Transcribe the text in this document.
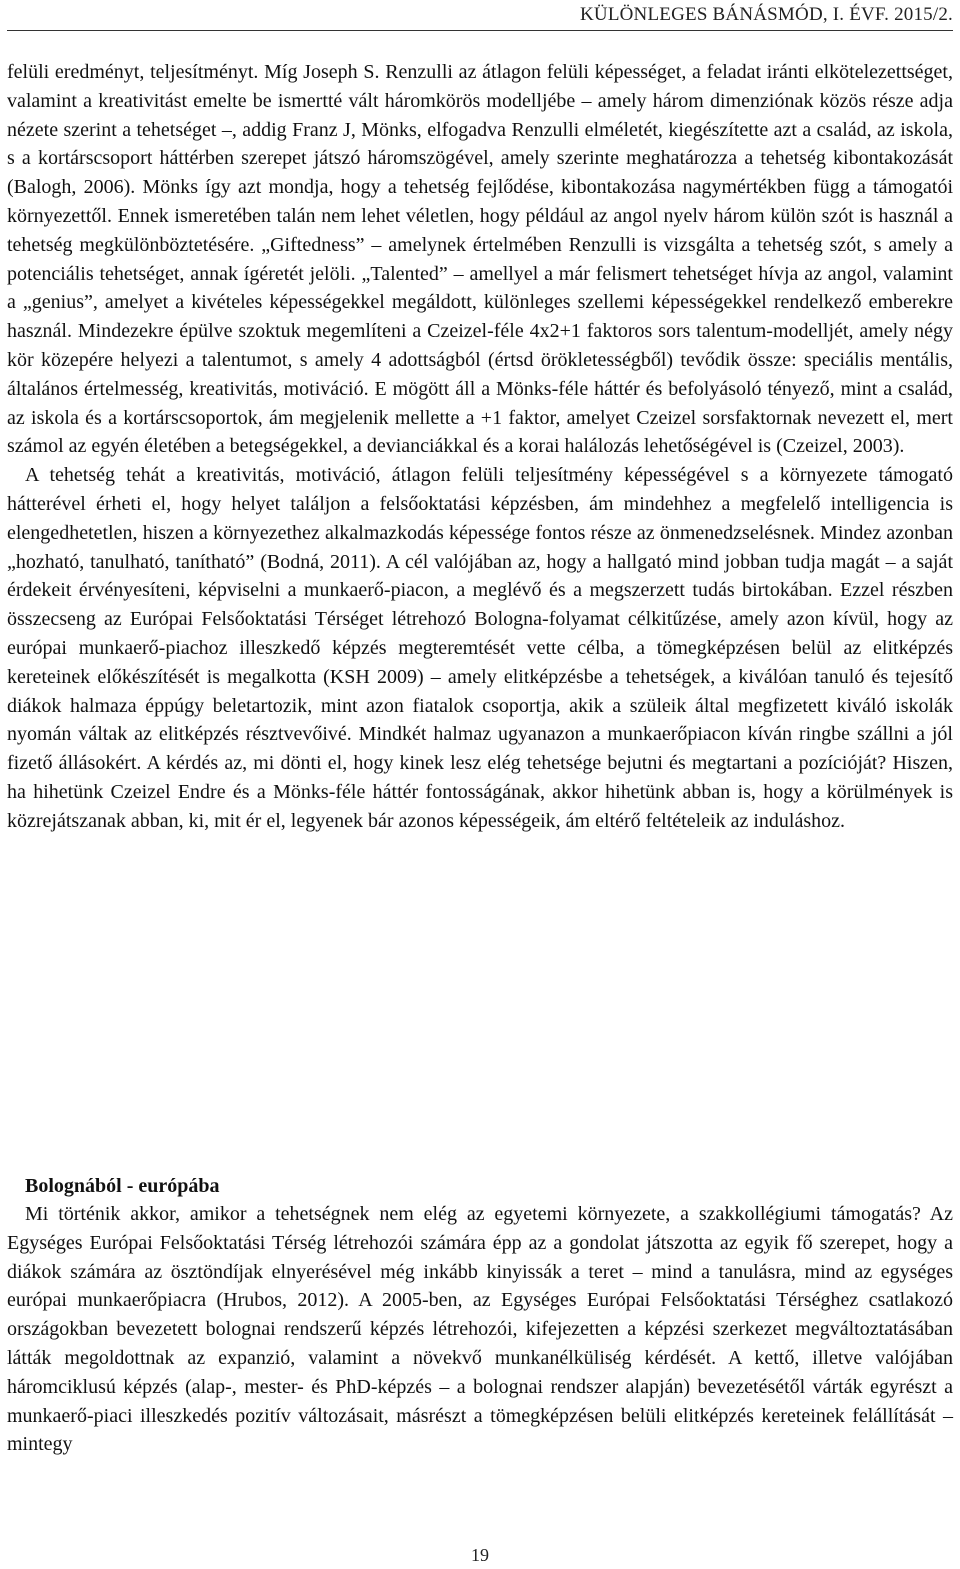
KÜLÖNLEGES BÁNÁSMÓD, I. ÉVF. 2015/2.

felüli eredményt, teljesítményt. Míg Joseph S. Renzulli az átlagon felüli képességet, a feladat iránti elkötelezettséget, valamint a kreativitást emelte be ismertté vált háromkörös modelljébe – amely három dimenziónak közös része adja nézete szerint a tehetséget –, addig Franz J, Mönks, elfogadva Renzulli elméletét, kiegészítette azt a család, az iskola, s a kortárscsoport háttérben szerepet játszó háromszögével, amely szerinte meghatározza a tehetség kibontakozását (Balogh, 2006). Mönks így azt mondja, hogy a tehetség fejlődése, kibontakozása nagymértékben függ a támogatói környezettől. Ennek ismeretében talán nem lehet véletlen, hogy például az angol nyelv három külön szót is használ a tehetség megkülönböztetésére. „Giftedness” – amelynek értelmében Renzulli is vizsgálta a tehetség szót, s amely a potenciális tehetséget, annak ígéretét jelöli. „Talented” – amellyel a már felismert tehetséget hívja az angol, valamint a „genius”, amelyet a kivételes képességekkel megáldott, különleges szellemi képességekkel rendelkező emberekre használ. Mindezekre épülve szoktuk megemlíteni a Czeizel-féle 4x2+1 faktoros sors talentum-modelljét, amely négy kör közepére helyezi a talentumot, s amely 4 adottságból (értsd örökletességből) tevődik össze: speciális mentális, általános értelmesség, kreativitás, motiváció. E mögött áll a Mönks-féle háttér és befolyásoló tényező, mint a család, az iskola és a kortárscsoportok, ám megjelenik mellette a +1 faktor, amelyet Czeizel sorsfaktornak nevezett el, mert számol az egyén életében a betegségekkel, a devianciákkal és a korai halálozás lehetőségével is (Czeizel, 2003).

A tehetség tehát a kreativitás, motiváció, átlagon felüli teljesítmény képességével s a környezete támogató hátterével érheti el, hogy helyet találjon a felsőoktatási képzésben, ám mindehhez a megfelelő intelligencia is elengedhetetlen, hiszen a környezethez alkalmazkodás képessége fontos része az önmenedzselésnek. Mindez azonban „hozható, tanulható, tanítható” (Bodná, 2011). A cél valójában az, hogy a hallgató mind jobban tudja magát – a saját érdekeit érvényesíteni, képviselni a munkaerő-piacon, a meglévő és a megszerzett tudás birtokában. Ezzel részben összecseng az Európai Felsőoktatási Térséget létrehozó Bologna-folyamat célkitűzése, amely azon kívül, hogy az európai munkaerő-piachoz illeszkedő képzés megteremtését vette célba, a tömegképzésen belül az elitképzés kereteinek előkészítését is megalkotta (KSH 2009) – amely elitképzésbe a tehetségek, a kiválóan tanuló és tejesítő diákok halmaza éppúgy beletartozik, mint azon fiatalok csoportja, akik a szüleik által megfizetett kiváló iskolák nyomán váltak az elitképzés résztvevőivé. Mindkét halmaz ugyanazon a munkaerőpiacon kíván ringbe szállni a jól fizető állásokért. A kérdés az, mi dönti el, hogy kinek lesz elég tehetsége bejutni és megtartani a pozícióját? Hiszen, ha hihetünk Czeizel Endre és a Mönks-féle háttér fontosságának, akkor hihetünk abban is, hogy a körülmények is közrejátszanak abban, ki, mit ér el, legyenek bár azonos képességeik, ám eltérő feltételeik az induláshoz.

Bolognából - európába

Mi történik akkor, amikor a tehetségnek nem elég az egyetemi környezete, a szakkollégiumi támogatás? Az Egységes Európai Felsőoktatási Térség létrehozói számára épp az a gondolat játszotta az egyik fő szerepet, hogy a diákok számára az ösztöndíjak elnyerésével még inkább kinyissák a teret – mind a tanulásra, mind az egységes európai munkaerőpiacra (Hrubos, 2012). A 2005-ben, az Egységes Európai Felsőoktatási Térséghez csatlakozó országokban bevezetett bolognai rendszerű képzés létrehozói, kifejezetten a képzési szerkezet megváltoztatásában látták megoldottnak az expanzió, valamint a növekvő munkanélküliség kérdését. A kettő, illetve valójában háromciklusú képzés (alap-, mester- és PhD-képzés – a bolognai rendszer alapján) bevezetésétől várták egyrészt a munkaerő-piaci illeszkedés pozitív változásait, másrészt a tömegképzésen belüli elitképzés kereteinek felállítását – mintegy

19
